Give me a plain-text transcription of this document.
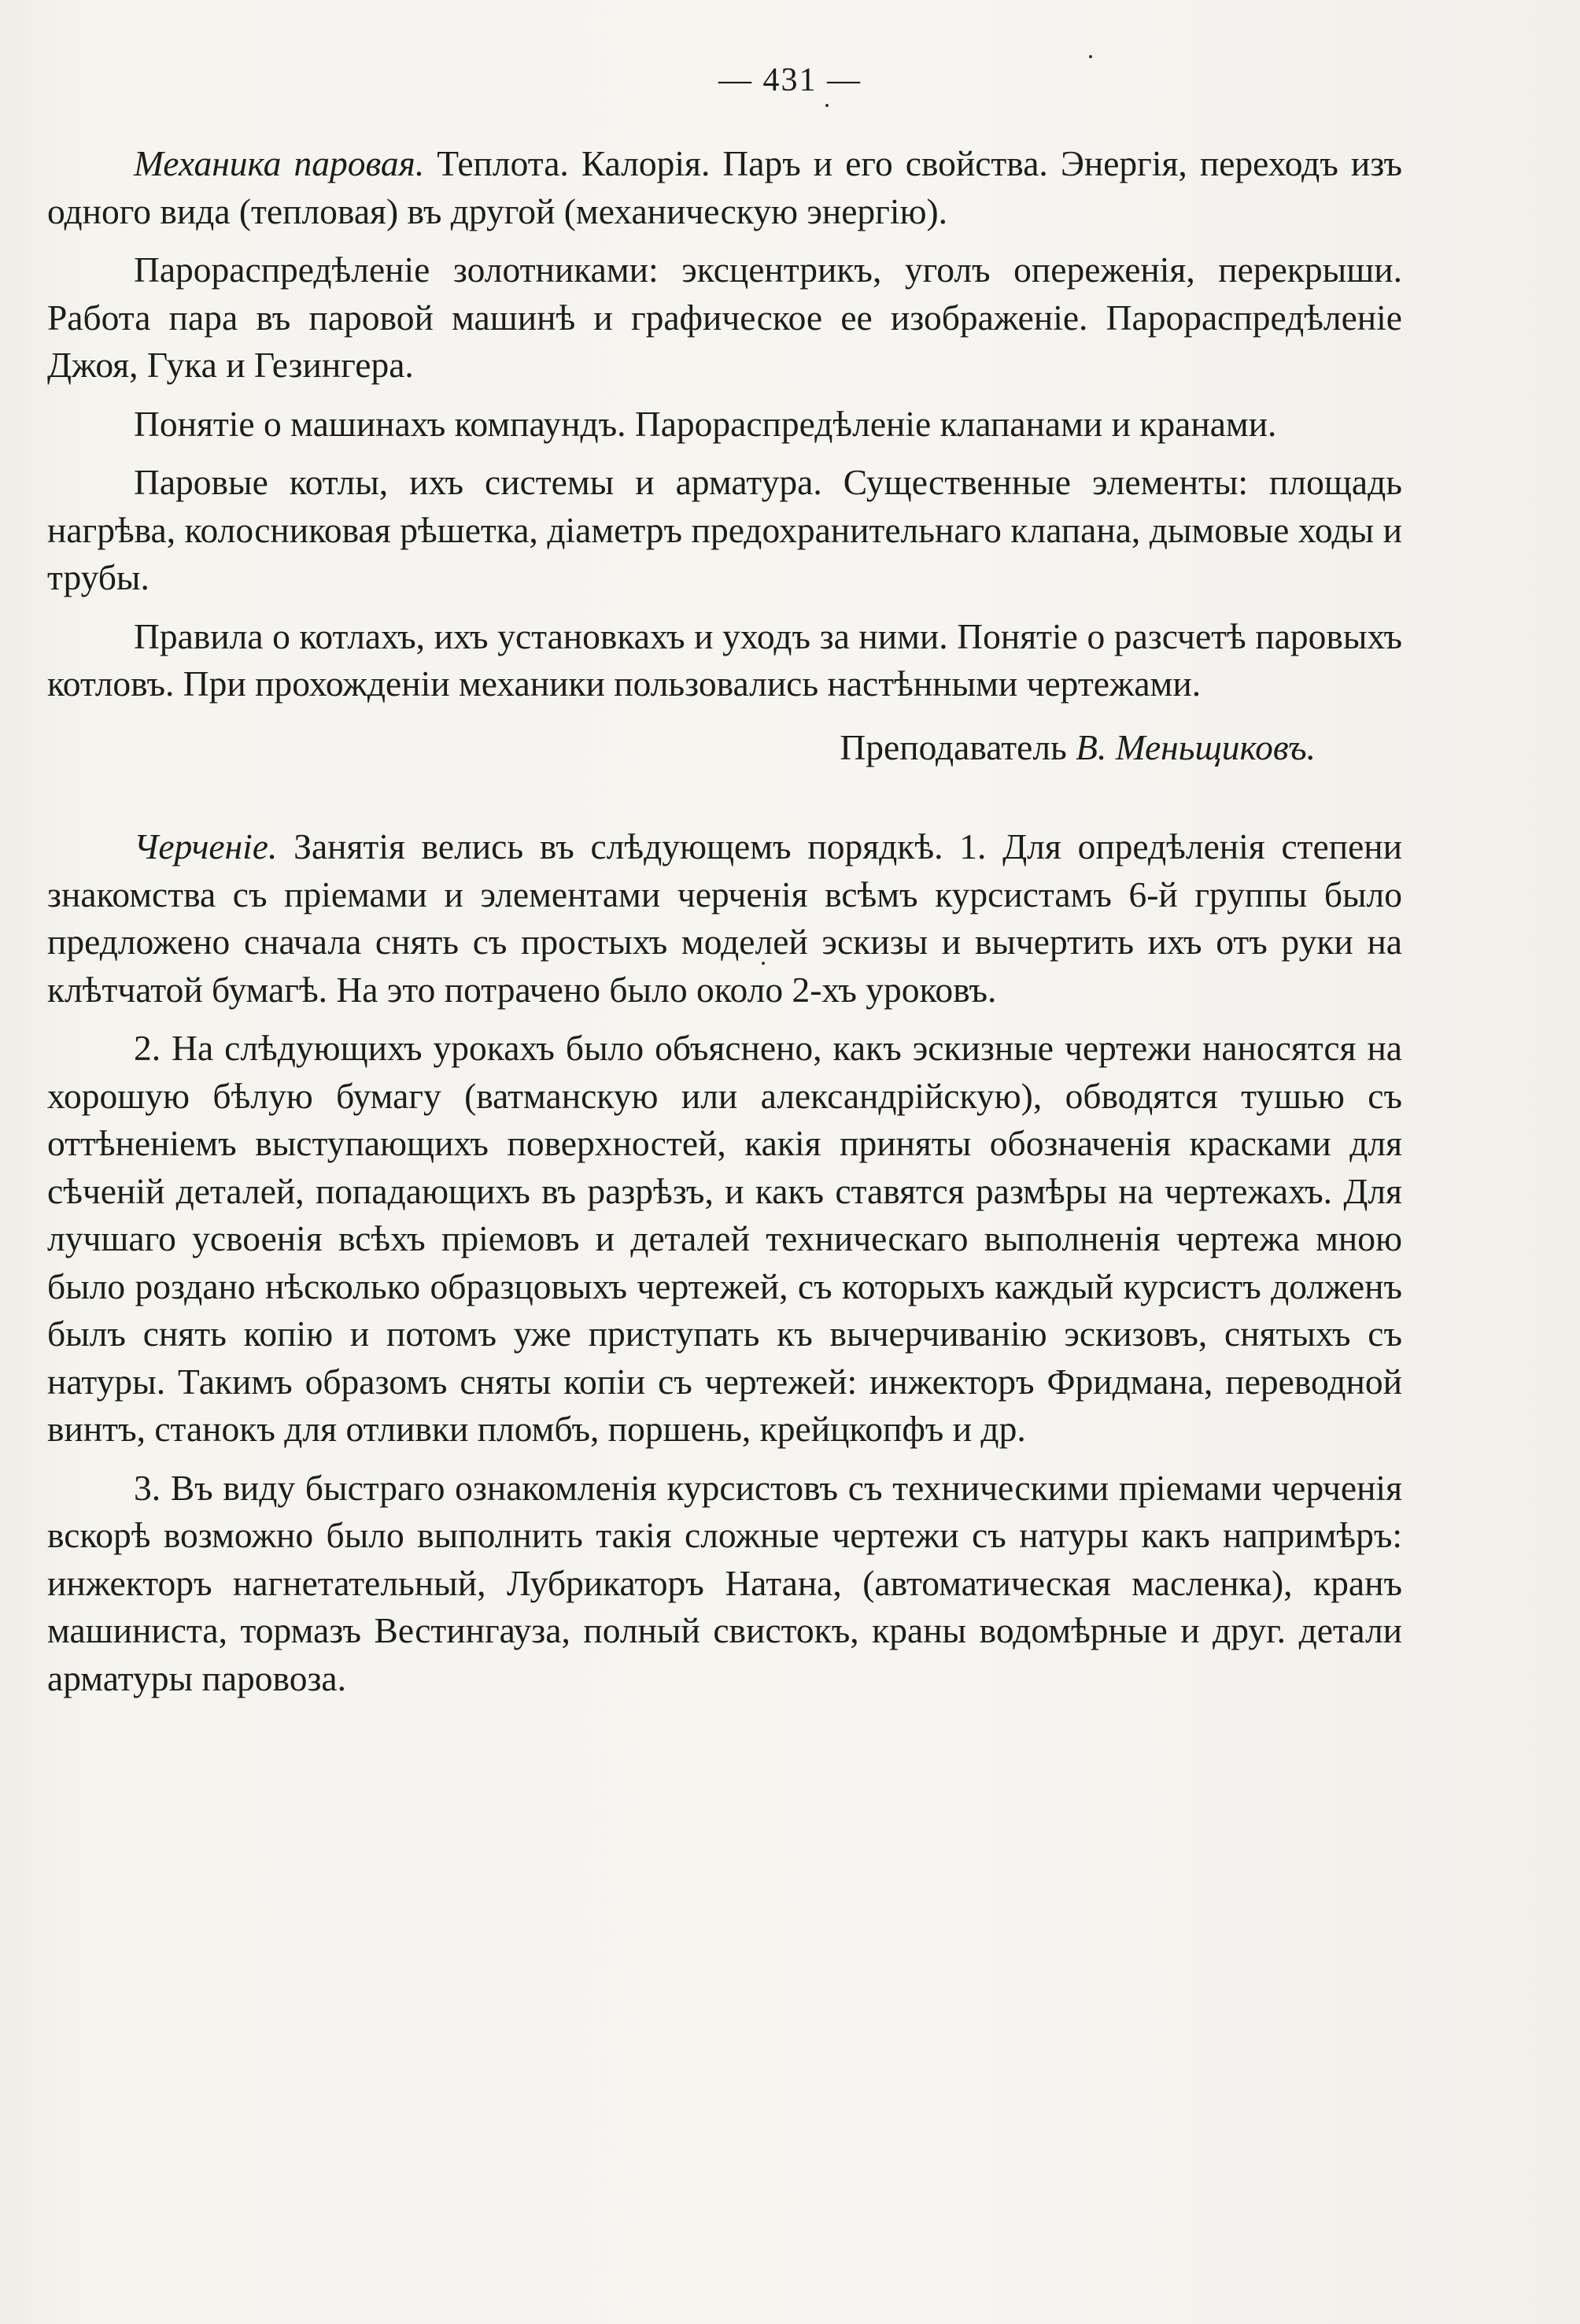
— 431 —

Механика паровая. Теплота. Калорія. Паръ и его свойства. Энергія, переходъ изъ одного вида (тепловая) въ другой (механическую энергію).

Парораспредѣленіе золотниками: эксцентрикъ, уголъ опереженія, перекрыши. Работа пара въ паровой машинѣ и графическое ее изображеніе. Парораспредѣленіе Джоя, Гука и Гезингера.

Понятіе о машинахъ компаундъ. Парораспредѣленіе клапанами и кранами.

Паровые котлы, ихъ системы и арматура. Существенные элементы: площадь нагрѣва, колосниковая рѣшетка, діаметръ предохранительнаго клапана, дымовые ходы и трубы.

Правила о котлахъ, ихъ установкахъ и уходъ за ними. Понятіе о разсчетѣ паровыхъ котловъ. При прохожденіи механики пользовались настѣнными чертежами.

Преподаватель В. Меньщиковъ.

Черченіе. Занятія велись въ слѣдующемъ порядкѣ. 1. Для опредѣленія степени знакомства съ пріемами и элементами черченія всѣмъ курсистамъ 6-й группы было предложено сначала снять съ простыхъ моделей эскизы и вычертить ихъ отъ руки на клѣтчатой бумагѣ. На это потрачено было около 2-хъ уроковъ.

2. На слѣдующихъ урокахъ было объяснено, какъ эскизные чертежи наносятся на хорошую бѣлую бумагу (ватманскую или александрійскую), обводятся тушью съ оттѣненіемъ выступающихъ поверхностей, какія приняты обозначенія красками для сѣченій деталей, попадающихъ въ разрѣзъ, и какъ ставятся размѣры на чертежахъ. Для лучшаго усвоенія всѣхъ пріемовъ и деталей техническаго выполненія чертежа мною было роздано нѣсколько образцовыхъ чертежей, съ которыхъ каждый курсистъ долженъ былъ снять копію и потомъ уже приступать къ вычерчиванію эскизовъ, снятыхъ съ натуры. Такимъ образомъ сняты копіи съ чертежей: инжекторъ Фридмана, переводной винтъ, станокъ для отливки пломбъ, поршень, крейцкопфъ и др.

3. Въ виду быстраго ознакомленія курсистовъ съ техническими пріемами черченія вскорѣ возможно было выполнить такія сложные чертежи съ натуры какъ напримѣръ: инжекторъ нагнетательный, Лубрикаторъ Натана, (автоматическая масленка), кранъ машиниста, тормазъ Вестингауза, полный свистокъ, краны водомѣрные и друг. детали арматуры паровоза.
